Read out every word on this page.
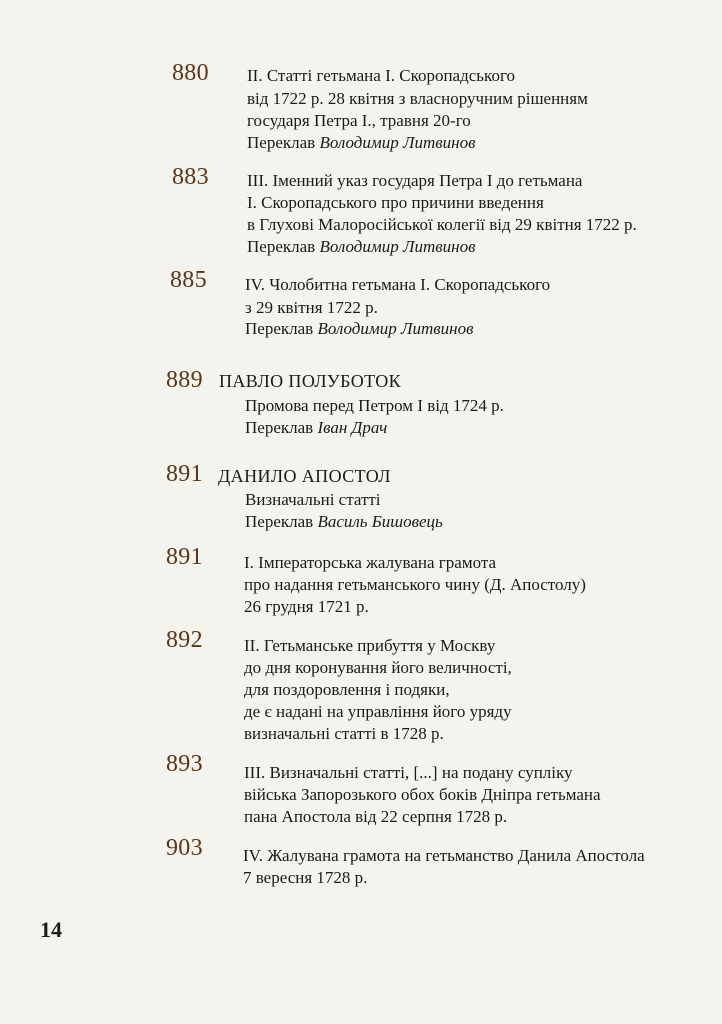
880 II. Статті гетьмана І. Скоропадського
від 1722 р. 28 квітня з власноручним рішенням
государя Петра І., травня 20-го
Переклав Володимир Литвинов
883 III. Іменний указ государя Петра І до гетьмана
І. Скоропадського про причини введення
в Глухові Малоросійської колегії від 29 квітня 1722 р.
Переклав Володимир Литвинов
885 IV. Чолобитна гетьмана І. Скоропадського
з 29 квітня 1722 р.
Переклав Володимир Литвинов
889 ПАВЛО ПОЛУБОТОК
Промова перед Петром І від 1724 р.
Переклав Іван Драч
891 ДАНИЛО АПОСТОЛ
Визначальні статті
Переклав Василь Бишовець
891 І. Імператорська жалувана грамота
про надання гетьманського чину (Д. Апостолу)
26 грудня 1721 р.
892 II. Гетьманське прибуття у Москву
до дня коронування його величності,
для поздоровлення і подяки,
де є надані на управління його уряду
визначальні статті в 1728 р.
893 III. Визначальні статті, [...] на подану супліку
війська Запорозького обох боків Дніпра гетьмана
пана Апостола від 22 серпня 1728 р.
903 IV. Жалувана грамота на гетьманство Данила Апостола
7 вересня 1728 р.
14
